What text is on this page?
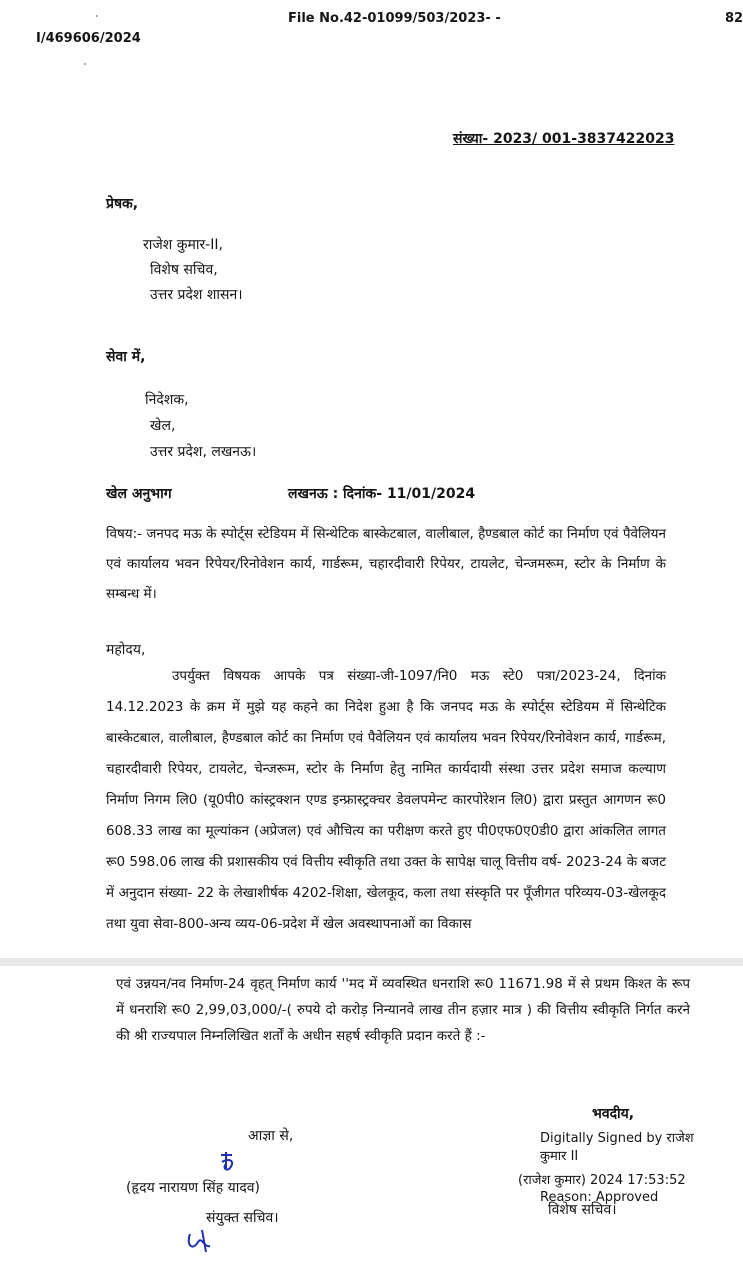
File No.42-01099/503/2023- -	82
I/469606/2024
संख्या- 2023/ 001-3837422023
प्रेषक,
राजेश कुमार-II,
विशेष सचिव,
उत्तर प्रदेश शासन।
सेवा में,
निदेशक,
खेल,
उत्तर प्रदेश, लखनऊ।
खेल अनुभाग	लखनऊ : दिनांक- 11/01/2024
विषय:- जनपद मऊ के स्पोर्ट्स स्टेडियम में सिन्थेटिक बास्केटबाल, वालीबाल, हैण्डबाल कोर्ट का निर्माण एवं पैवेलियन एवं कार्यालय भवन रिपेयर/रिनोवेशन कार्य, गार्डरूम, चहारदीवारी रिपेयर, टायलेट, चेन्जमरूम, स्टोर के निर्माण के सम्बन्ध में।
महोदय,
उपर्युक्त विषयक आपके पत्र संख्या-जी-1097/नि0 मऊ स्टे0 पत्रा/2023-24, दिनांक 14.12.2023 के क्रम में मुझे यह कहने का निदेश हुआ है कि जनपद मऊ के स्पोर्ट्स स्टेडियम में सिन्थेटिक बास्केटबाल, वालीबाल, हैण्डबाल कोर्ट का निर्माण एवं पैवेलियन एवं कार्यालय भवन रिपेयर/रिनोवेशन कार्य, गार्डरूम, चहारदीवारी रिपेयर, टायलेट, चेन्जरूम, स्टोर के निर्माण हेतु नामित कार्यदायी संस्था उत्तर प्रदेश समाज कल्याण निर्माण निगम लि0 (यू0पी0 कांस्ट्रक्शन एण्ड इन्फ्रास्ट्रक्चर डेवलपमेन्ट कारपोरेशन लि0) द्वारा प्रस्तुत आगणन रू0 608.33 लाख का मूल्यांकन (अप्रेजल) एवं औचित्य का परीक्षण करते हुए पी0एफ0ए0डी0 द्वारा आंकलित लागत रू0 598.06 लाख की प्रशासकीय एवं वित्तीय स्वीकृति तथा उक्त के सापेक्ष चालू वित्तीय वर्ष- 2023-24 के बजट में अनुदान संख्या- 22 के लेखाशीर्षक 4202-शिक्षा, खेलकूद, कला तथा संस्कृति पर पूँजीगत परिव्यय-03-खेलकूद तथा युवा सेवा-800-अन्य व्यय-06-प्रदेश में खेल अवस्थापनाओं का विकास
एवं उन्नयन/नव निर्माण-24 वृहत् निर्माण कार्य ''मद में व्यवस्थित धनराशि रू0 11671.98 में से प्रथम किश्त के रूप में धनराशि रू0 2,99,03,000/-( रुपये दो करोड़ निन्यानवे लाख तीन हज़ार मात्र ) की वित्तीय स्वीकृति निर्गत करने की श्री राज्यपाल निम्नलिखित शर्तों के अधीन सहर्ष स्वीकृति प्रदान करते हैं :-
आज्ञा से,
(हृदय नारायण सिंह यादव)
संयुक्त सचिव।
भवदीय,
Digitally Signed by राजेश
कुमार II
(राजेश कुमार) 2024 17:53:52
Reason: Approved
विशेष सचिव।
